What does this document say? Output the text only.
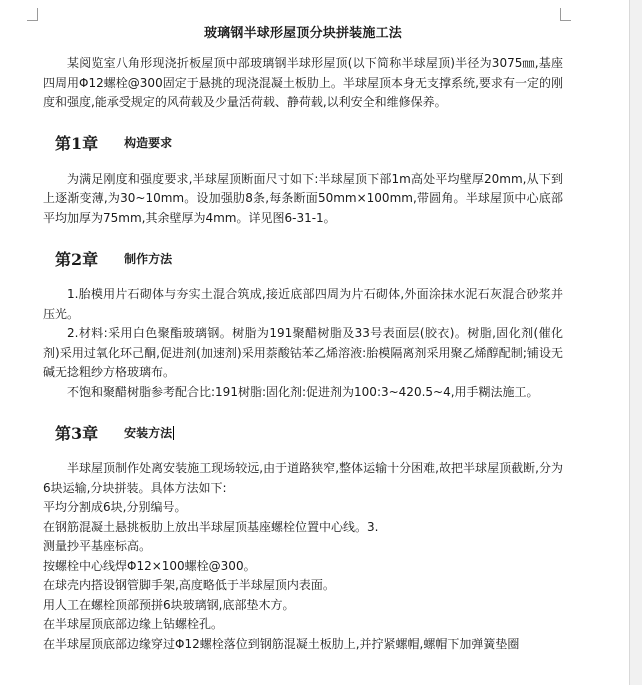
玻璃钢半球形屋顶分块拼装施工法

某阅览室八角形现浇折板屋顶中部玻璃钢半球形屋顶(以下简称半球屋顶)半径为3075㎜,基座四周用Φ12螺栓@300固定于悬挑的现浇混凝土板肋上。半球屋顶本身无支撑系统,要求有一定的刚度和强度,能承受规定的风荷载及少量活荷载、静荷载,以利安全和维修保养。

第1章 构造要求

为满足刚度和强度要求,半球屋顶断面尺寸如下:半球屋顶下部1m高处平均壁厚20mm,从下到上逐渐变薄,为30~10mm。设加强肋8条,每条断面50mm×100mm,带圆角。半球屋顶中心底部平均加厚为75mm,其余壁厚为4mm。详见图6-31-1。

第2章 制作方法

1.胎模用片石砌体与夯实土混合筑成,接近底部四周为片石砌体,外面涂抹水泥石灰混合砂浆并压光。

2.材料:采用白色聚酯玻璃钢。树脂为191聚醋树脂及33号表面层(胶衣)。树脂,固化剂(催化剂)采用过氧化环己酮,促进剂(加速剂)采用萘酸钴苯乙烯溶液:胎模隔离剂采用聚乙烯醇配制;铺设无碱无捻粗纱方格玻璃布。

不饱和聚醋树脂参考配合比:191树脂:固化剂:促进剂为100:3~420.5~4,用手糊法施工。

第3章 安装方法

半球屋顶制作处离安装施工现场较远,由于道路狭窄,整体运输十分困难,故把半球屋顶截断,分为6块运输,分块拼装。具体方法如下:

平均分割成6块,分别编号。

在钢筋混凝土悬挑板肋上放出半球屋顶基座螺栓位置中心线。3.

测量抄平基座标高。

按螺栓中心线焊Φ12×100螺栓@300。

在球壳内搭设钢管脚手架,高度略低于半球屋顶内表面。

用人工在螺栓顶部预拼6块玻璃钢,底部垫木方。

在半球屋顶底部边缘上钻螺栓孔。

在半球屋顶底部边缘穿过Φ12螺栓落位到钢筋混凝土板肋上,并拧紧螺帽,螺帽下加弹簧垫圈
